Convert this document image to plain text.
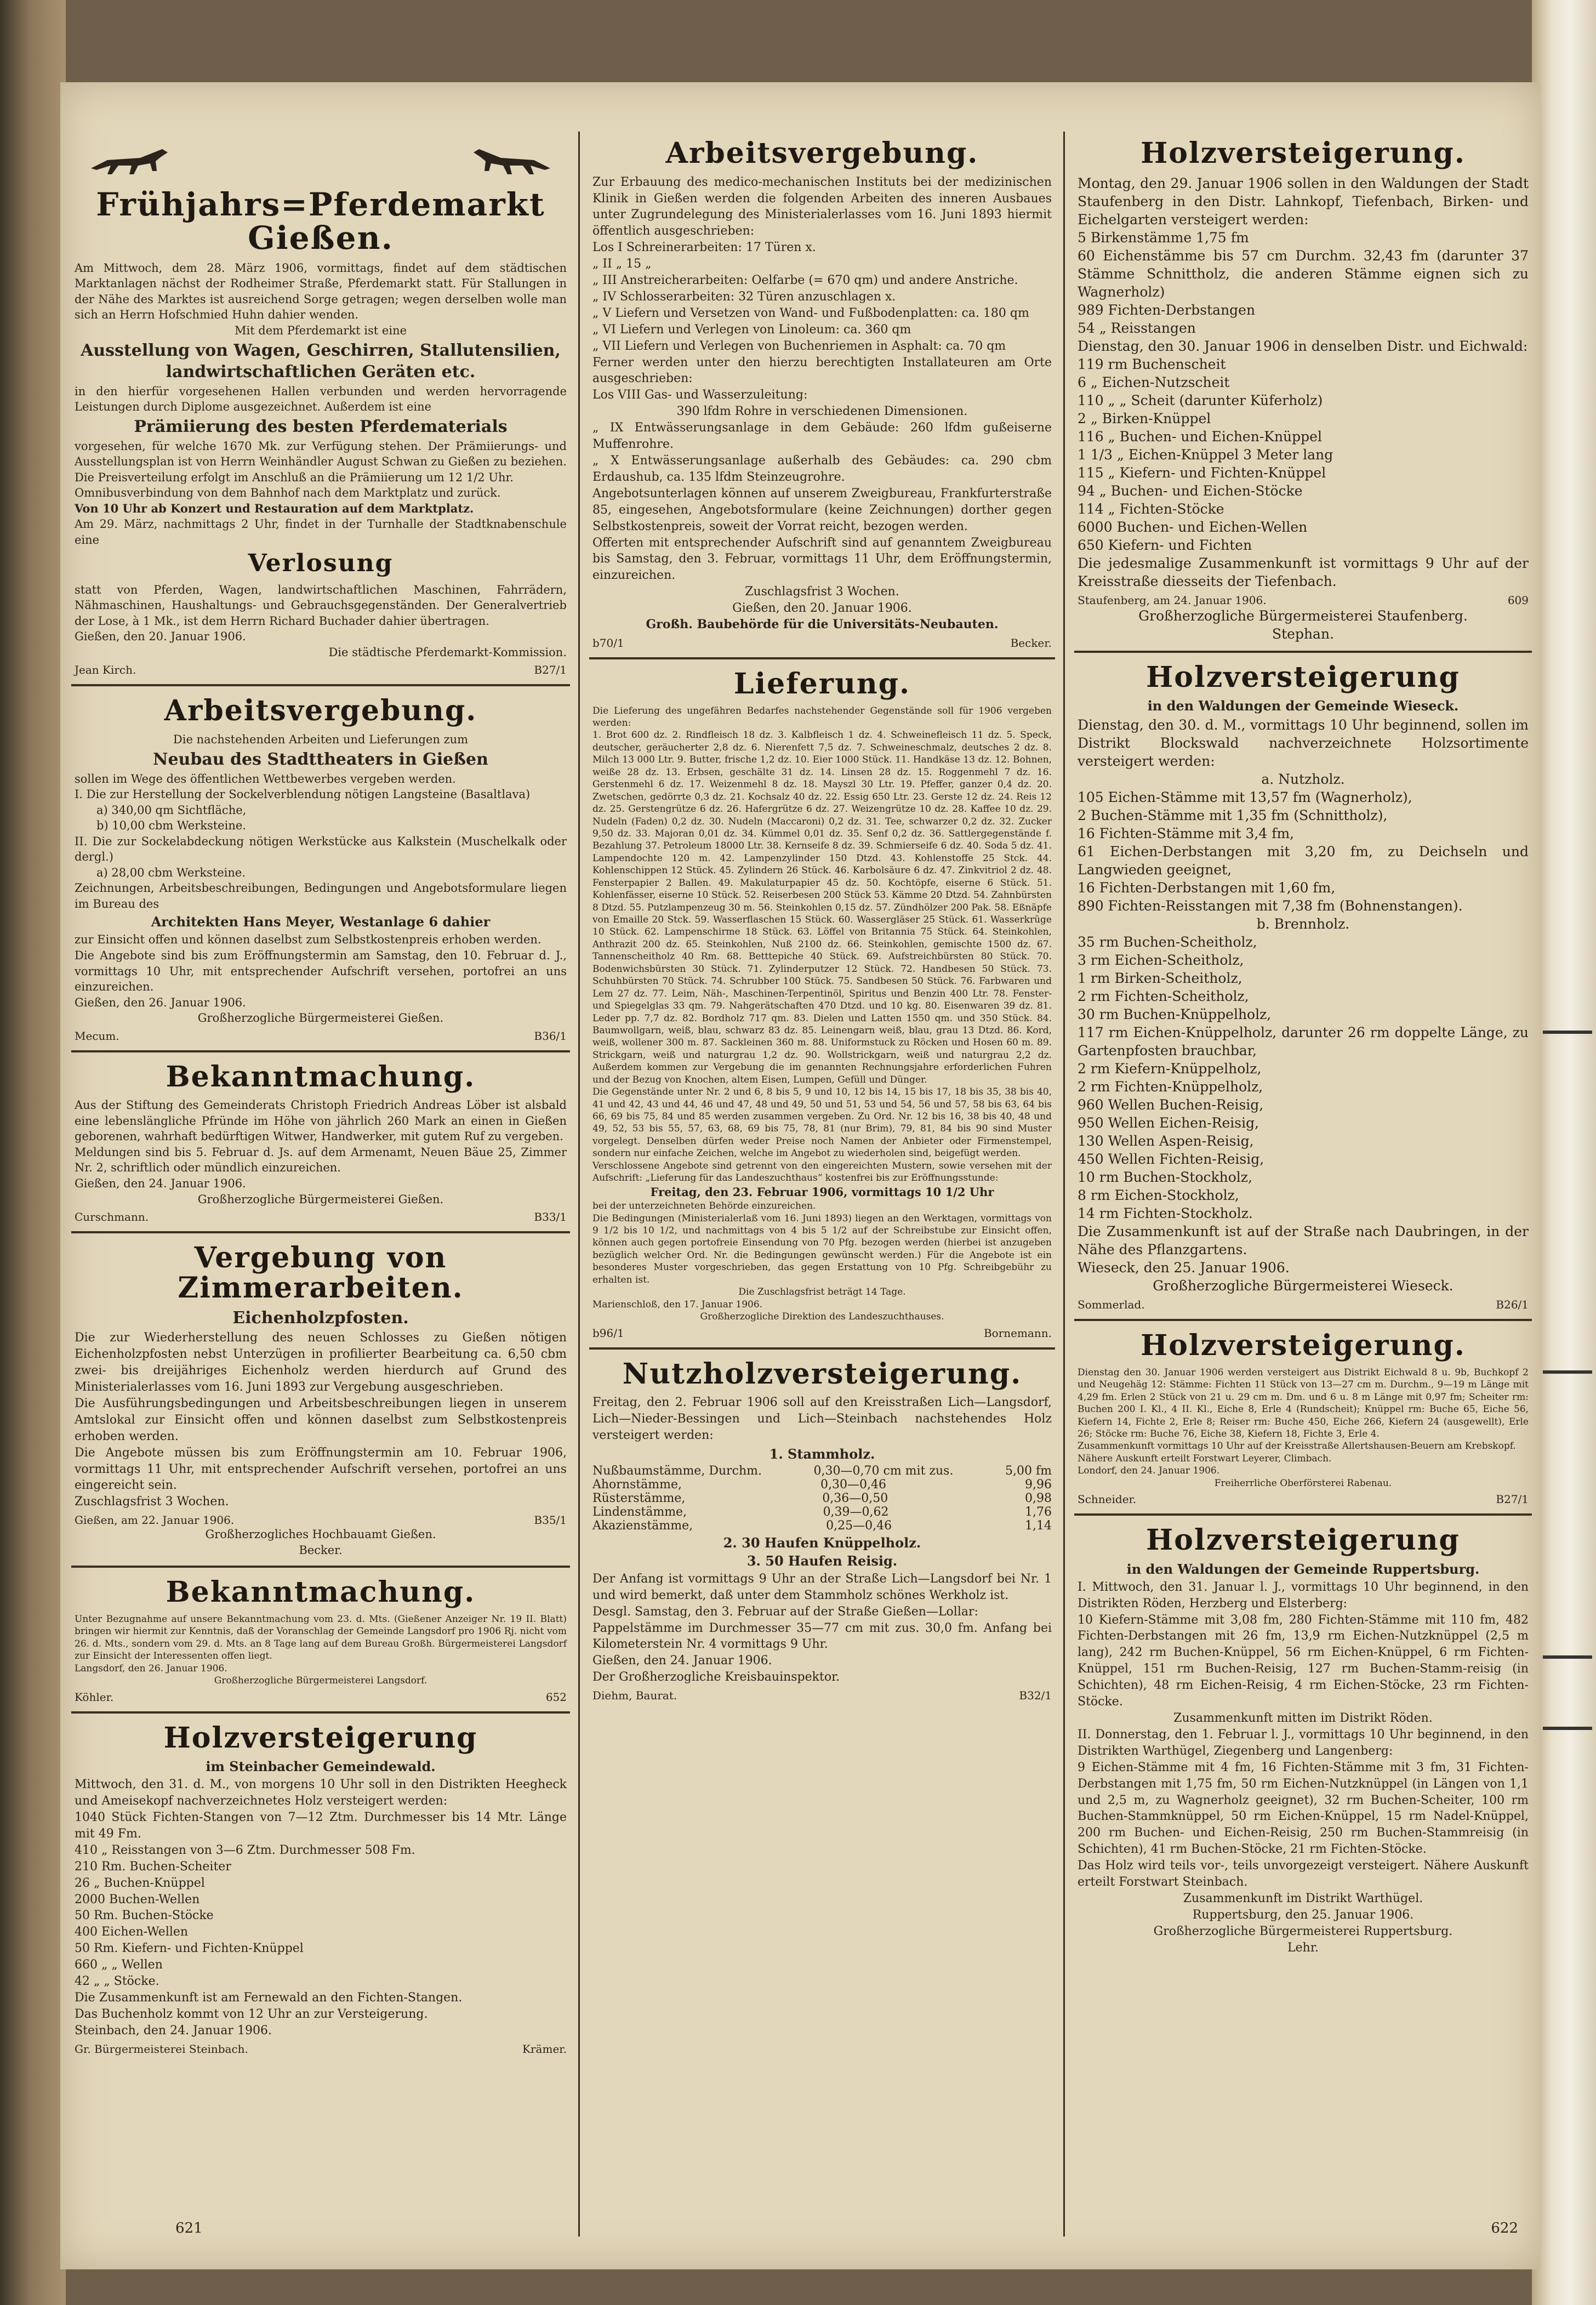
Frühjahrs=Pferdemarkt Gießen.

Am Mittwoch, dem 28. März 1906, vormittags, findet auf dem städtischen Marktanlagen nächst der Rodheimer Straße, Pferdemarkt statt. Für Stallungen in der Nähe des Marktes ist ausreichend Sorge getragen; wegen derselben wolle man sich an Herrn Hofschmied Huhn dahier wenden.

Mit dem Pferdemarkt ist eine

Ausstellung von Wagen, Geschirren, Stallutensilien,
landwirtschaftlichen Geräten etc.

in den hierfür vorgesehenen Hallen verbunden und werden hervorragende Leistungen durch Diplome ausgezeichnet. Außerdem ist eine

Prämiierung des besten Pferdematerials

vorgesehen, für welche 1670 Mk. zur Verfügung stehen. Der Prämiierungs- und Ausstellungsplan ist von Herrn Weinhändler August Schwan zu Gießen zu beziehen. Die Preisverteilung erfolgt im Anschluß an die Prämiierung um 12 1/2 Uhr.

Omnibusverbindung von dem Bahnhof nach dem Marktplatz und zurück.

Von 10 Uhr ab Konzert und Restauration auf dem Marktplatz.

Am 29. März, nachmittags 2 Uhr, findet in der Turnhalle der Stadtknabenschule eine

Verlosung

statt von Pferden, Wagen, landwirtschaftlichen Maschinen, Fahrrädern, Nähmaschinen, Haushaltungs- und Gebrauchsgegenständen. Der Generalvertrieb der Lose, à 1 Mk., ist dem Herrn Richard Buchader dahier übertragen.

Gießen, den 20. Januar 1906.

Die städtische Pferdemarkt-Kommission.

Jean Kirch.	B27/1
Arbeitsvergebung.

Die nachstehenden Arbeiten und Lieferungen zum

Neubau des Stadttheaters in Gießen

sollen im Wege des öffentlichen Wettbewerbes vergeben werden.

I. Die zur Herstellung der Sockelverblendung nötigen Langsteine (Basaltlava)

a) 340,00 qm Sichtfläche,

b) 10,00 cbm Werksteine.

II. Die zur Sockelabdeckung nötigen Werkstücke aus Kalkstein (Muschelkalk oder dergl.)

a) 28,00 cbm Werksteine.

Zeichnungen, Arbeitsbeschreibungen, Bedingungen und Angebotsformulare liegen im Bureau des

Architekten Hans Meyer, Westanlage 6 dahier

zur Einsicht offen und können daselbst zum Selbstkostenpreis erhoben werden.

Die Angebote sind bis zum Eröffnungstermin am Samstag, den 10. Februar d. J., vormittags 10 Uhr, mit entsprechender Aufschrift versehen, portofrei an uns einzureichen.

Gießen, den 26. Januar 1906.

Großherzogliche Bürgermeisterei Gießen.

Mecum.	B36/1
Bekanntmachung.

Aus der Stiftung des Gemeinderats Christoph Friedrich Andreas Löber ist alsbald eine lebenslängliche Pfründe im Höhe von jährlich 260 Mark an einen in Gießen geborenen, wahrhaft bedürftigen Witwer, Handwerker, mit gutem Ruf zu vergeben.

Meldungen sind bis 5. Februar d. Js. auf dem Armenamt, Neuen Bäue 25, Zimmer Nr. 2, schriftlich oder mündlich einzureichen.

Gießen, den 24. Januar 1906.

Großherzogliche Bürgermeisterei Gießen.

Curschmann.	B33/1
Vergebung von Zimmerarbeiten.
Eichenholzpfosten.

Die zur Wiederherstellung des neuen Schlosses zu Gießen nötigen Eichenholzpfosten nebst Unterzügen in profilierter Bearbeitung ca. 6,50 cbm zwei- bis dreijähriges Eichenholz werden hierdurch auf Grund des Ministerialerlasses vom 16. Juni 1893 zur Vergebung ausgeschrieben.

Die Ausführungsbedingungen und Arbeitsbeschreibungen liegen in unserem Amtslokal zur Einsicht offen und können daselbst zum Selbstkostenpreis erhoben werden.

Die Angebote müssen bis zum Eröffnungstermin am 10. Februar 1906, vormittags 11 Uhr, mit entsprechender Aufschrift versehen, portofrei an uns eingereicht sein.

Zuschlagsfrist 3 Wochen.

Gießen, am 22. Januar 1906.	B35/1

Großherzogliches Hochbauamt Gießen.

Becker.

Bekanntmachung.

Unter Bezugnahme auf unsere Bekanntmachung vom 23. d. Mts. (Gießener Anzeiger Nr. 19 II. Blatt) bringen wir hiermit zur Kenntnis, daß der Voranschlag der Gemeinde Langsdorf pro 1906 Rj. nicht vom 26. d. Mts., sondern vom 29. d. Mts. an 8 Tage lang auf dem Bureau Großh. Bürgermeisterei Langsdorf zur Einsicht der Interessenten offen liegt.

Langsdorf, den 26. Januar 1906.

Großherzogliche Bürgermeisterei Langsdorf.

Köhler.	652
Holzversteigerung
im Steinbacher Gemeindewald.

Mittwoch, den 31. d. M., von morgens 10 Uhr soll in den Distrikten Heegheck und Ameisekopf nachverzeichnetes Holz versteigert werden:

1040 Stück Fichten-Stangen von 7—12 Ztm. Durchmesser bis 14 Mtr. Länge mit 49 Fm.

410 „ Reisstangen von 3—6 Ztm. Durchmesser 508 Fm.

210 Rm. Buchen-Scheiter

26 „ Buchen-Knüppel

2000 Buchen-Wellen

50 Rm. Buchen-Stöcke

400 Eichen-Wellen

50 Rm. Kiefern- und Fichten-Knüppel

660 „ „ Wellen

42 „ „ Stöcke.

Die Zusammenkunft ist am Fernewald an den Fichten-Stangen.

Das Buchenholz kommt von 12 Uhr an zur Versteigerung.

Steinbach, den 24. Januar 1906.

Gr. Bürgermeisterei Steinbach.	Krämer.
Arbeitsvergebung.

Zur Erbauung des medico-mechanischen Instituts bei der medizinischen Klinik in Gießen werden die folgenden Arbeiten des inneren Ausbaues unter Zugrundelegung des Ministerialerlasses vom 16. Juni 1893 hiermit öffentlich ausgeschrieben:

Los I Schreinerarbeiten: 17 Türen x.

„ II „ 15 „

„ III Anstreicherarbeiten: Oelfarbe (= 670 qm) und andere Anstriche.

„ IV Schlosserarbeiten: 32 Türen anzuschlagen x.

„ V Liefern und Versetzen von Wand- und Fußbodenplatten: ca. 180 qm

„ VI Liefern und Verlegen von Linoleum: ca. 360 qm

„ VII Liefern und Verlegen von Buchenriemen in Asphalt: ca. 70 qm

Ferner werden unter den hierzu berechtigten Installateuren am Orte ausgeschrieben:

Los VIII Gas- und Wasserzuleitung:

390 lfdm Rohre in verschiedenen Dimensionen.

„ IX Entwässerungsanlage in dem Gebäude: 260 lfdm gußeiserne Muffenrohre.

„ X Entwässerungsanlage außerhalb des Gebäudes: ca. 290 cbm Erdaushub, ca. 135 lfdm Steinzeugrohre.

Angebotsunterlagen können auf unserem Zweigbureau, Frankfurterstraße 85, eingesehen, Angebotsformulare (keine Zeichnungen) dorther gegen Selbstkostenpreis, soweit der Vorrat reicht, bezogen werden.

Offerten mit entsprechender Aufschrift sind auf genanntem Zweigbureau bis Samstag, den 3. Februar, vormittags 11 Uhr, dem Eröffnungstermin, einzureichen.

Zuschlagsfrist 3 Wochen.

Gießen, den 20. Januar 1906.

Großh. Baubehörde für die Universitäts-Neubauten.

b70/1	Becker.
Lieferung.

Die Lieferung des ungefähren Bedarfes nachstehender Gegenstände soll für 1906 vergeben werden:

1. Brot 600 dz. 2. Rindfleisch 18 dz. 3. Kalbfleisch 1 dz. 4. Schweinefleisch 11 dz. 5. Speck, deutscher, geräucherter 2,8 dz. 6. Nierenfett 7,5 dz. 7. Schweineschmalz, deutsches 2 dz. 8. Milch 13 000 Ltr. 9. Butter, frische 1,2 dz. 10. Eier 1000 Stück. 11. Handkäse 13 dz. 12. Bohnen, weiße 28 dz. 13. Erbsen, geschälte 31 dz. 14. Linsen 28 dz. 15. Roggenmehl 7 dz. 16. Gerstenmehl 6 dz. 17. Weizenmehl 8 dz. 18. Mayszl 30 Ltr. 19. Pfeffer, ganzer 0,4 dz. 20. Zwetschen, gedörrte 0,3 dz. 21. Kochsalz 40 dz. 22. Essig 650 Ltr. 23. Gerste 12 dz. 24. Reis 12 dz. 25. Gerstengrütze 6 dz. 26. Hafergrütze 6 dz. 27. Weizengrütze 10 dz. 28. Kaffee 10 dz. 29. Nudeln (Faden) 0,2 dz. 30. Nudeln (Maccaroni) 0,2 dz. 31. Tee, schwarzer 0,2 dz. 32. Zucker 9,50 dz. 33. Majoran 0,01 dz. 34. Kümmel 0,01 dz. 35. Senf 0,2 dz. 36. Sattlergegenstände f. Bezahlung 37. Petroleum 18000 Ltr. 38. Kernseife 8 dz. 39. Schmierseife 6 dz. 40. Soda 5 dz. 41. Lampendochte 120 m. 42. Lampenzylinder 150 Dtzd. 43. Kohlenstoffe 25 Stck. 44. Kohlenschippen 12 Stück. 45. Zylindern 26 Stück. 46. Karbolsäure 6 dz. 47. Zinkvitriol 2 dz. 48. Fensterpapier 2 Ballen. 49. Makulaturpapier 45 dz. 50. Kochtöpfe, eiserne 6 Stück. 51. Kohlenfässer, eiserne 10 Stück. 52. Reiserbesen 200 Stück 53. Kämme 20 Dtzd. 54. Zahnbürsten 8 Dtzd. 55. Putzlampenzeug 30 m. 56. Steinkohlen 0,15 dz. 57. Zündhölzer 200 Pak. 58. Eßnäpfe von Emaille 20 Stck. 59. Wasserflaschen 15 Stück. 60. Wassergläser 25 Stück. 61. Wasserkrüge 10 Stück. 62. Lampenschirme 18 Stück. 63. Löffel von Britannia 75 Stück. 64. Steinkohlen, Anthrazit 200 dz. 65. Steinkohlen, Nuß 2100 dz. 66. Steinkohlen, gemischte 1500 dz. 67. Tannenscheitholz 40 Rm. 68. Betttepiche 40 Stück. 69. Aufstreichbürsten 80 Stück. 70. Bodenwichsbürsten 30 Stück. 71. Zylinderputzer 12 Stück. 72. Handbesen 50 Stück. 73. Schuhbürsten 70 Stück. 74. Schrubber 100 Stück. 75. Sandbesen 50 Stück. 76. Farbwaren und Lem 27 dz. 77. Leim, Näh-, Maschinen-Terpentinöl, Spiritus und Benzin 400 Ltr. 78. Fenster- und Spiegelglas 33 qm. 79. Nahgerätschaften 470 Dtzd. und 10 kg. 80. Eisenwaren 39 dz. 81. Leder pp. 7,7 dz. 82. Bordholz 717 qm. 83. Dielen und Latten 1550 qm. und 350 Stück. 84. Baumwollgarn, weiß, blau, schwarz 83 dz. 85. Leinengarn weiß, blau, grau 13 Dtzd. 86. Kord, weiß, wollener 300 m. 87. Sackleinen 360 m. 88. Uniformstuck zu Röcken und Hosen 60 m. 89. Strickgarn, weiß und naturgrau 1,2 dz. 90. Wollstrickgarn, weiß und naturgrau 2,2 dz. Außerdem kommen zur Vergebung die im genannten Rechnungsjahre erforderlichen Fuhren und der Bezug von Knochen, altem Eisen, Lumpen, Gefüll und Dünger.

Die Gegenstände unter Nr. 2 und 6, 8 bis 5, 9 und 10, 12 bis 14, 15 bis 17, 18 bis 35, 38 bis 40, 41 und 42, 43 und 44, 46 und 47, 48 und 49, 50 und 51, 53 und 54, 56 und 57, 58 bis 63, 64 bis 66, 69 bis 75, 84 und 85 werden zusammen vergeben. Zu Ord. Nr. 12 bis 16, 38 bis 40, 48 und 49, 52, 53 bis 55, 57, 63, 68, 69 bis 75, 78, 81 (nur Brim), 79, 81, 84 bis 90 sind Muster vorgelegt. Denselben dürfen weder Preise noch Namen der Anbieter oder Firmenstempel, sondern nur einfache Zeichen, welche im Angebot zu wiederholen sind, beigefügt werden.

Verschlossene Angebote sind getrennt von den eingereichten Mustern, sowie versehen mit der Aufschrift: „Lieferung für das Landeszuchthaus“ kostenfrei bis zur Eröffnungsstunde:

Freitag, den 23. Februar 1906, vormittags 10 1/2 Uhr

bei der unterzeichneten Behörde einzureichen.

Die Bedingungen (Ministerialerlaß vom 16. Juni 1893) liegen an den Werktagen, vormittags von 9 1/2 bis 10 1/2, und nachmittags von 4 bis 5 1/2 auf der Schreibstube zur Einsicht offen, können auch gegen portofreie Einsendung von 70 Pfg. bezogen werden (hierbei ist anzugeben bezüglich welcher Ord. Nr. die Bedingungen gewünscht werden.) Für die Angebote ist ein besonderes Muster vorgeschrieben, das gegen Erstattung von 10 Pfg. Schreibgebühr zu erhalten ist.

Die Zuschlagsfrist beträgt 14 Tage.

Marienschloß, den 17. Januar 1906.

Großherzogliche Direktion des Landeszuchthauses.

b96/1	Bornemann.
Nutzholzversteigerung.

Freitag, den 2. Februar 1906 soll auf den Kreisstraßen Lich—Langsdorf, Lich—Nieder-Bessingen und Lich—Steinbach nachstehendes Holz versteigert werden:

1. Stammholz.
Nußbaumstämme, Durchm.	0,30—0,70 cm mit zus.	5,00 fm
Ahornstämme,	0,30—0,46	9,96
Rüsterstämme,	0,36—0,50	0,98
Lindenstämme,	0,39—0,62	1,76
Akazienstämme,	0,25—0,46	1,14
2. 30 Haufen Knüppelholz.
3. 50 Haufen Reisig.

Der Anfang ist vormittags 9 Uhr an der Straße Lich—Langsdorf bei Nr. 1 und wird bemerkt, daß unter dem Stammholz schönes Werkholz ist.

Desgl. Samstag, den 3. Februar auf der Straße Gießen—Lollar:

Pappelstämme im Durchmesser 35—77 cm mit zus. 30,0 fm. Anfang bei Kilometerstein Nr. 4 vormittags 9 Uhr.

Gießen, den 24. Januar 1906.

Der Großherzogliche Kreisbauinspektor.

Diehm, Baurat.	B32/1
Holzversteigerung.

Montag, den 29. Januar 1906 sollen in den Waldungen der Stadt Staufenberg in den Distr. Lahnkopf, Tiefenbach, Birken- und Eichelgarten versteigert werden:

5 Birkenstämme 1,75 fm

60 Eichenstämme bis 57 cm Durchm. 32,43 fm (darunter 37 Stämme Schnittholz, die anderen Stämme eignen sich zu Wagnerholz)

989 Fichten-Derbstangen

54 „ Reisstangen

Dienstag, den 30. Januar 1906 in denselben Distr. und Eichwald:

119 rm Buchenscheit

6 „ Eichen-Nutzscheit

110 „ „ Scheit (darunter Küferholz)

2 „ Birken-Knüppel

116 „ Buchen- und Eichen-Knüppel

1 1/3 „ Eichen-Knüppel 3 Meter lang

115 „ Kiefern- und Fichten-Knüppel

94 „ Buchen- und Eichen-Stöcke

114 „ Fichten-Stöcke

6000 Buchen- und Eichen-Wellen

650 Kiefern- und Fichten

Die jedesmalige Zusammenkunft ist vormittags 9 Uhr auf der Kreisstraße diesseits der Tiefenbach.

Staufenberg, am 24. Januar 1906.	609

Großherzogliche Bürgermeisterei Staufenberg.

Stephan.

Holzversteigerung
in den Waldungen der Gemeinde Wieseck.

Dienstag, den 30. d. M., vormittags 10 Uhr beginnend, sollen im Distrikt Blockswald nachverzeichnete Holzsortimente versteigert werden:

a. Nutzholz.

105 Eichen-Stämme mit 13,57 fm (Wagnerholz),

2 Buchen-Stämme mit 1,35 fm (Schnittholz),

16 Fichten-Stämme mit 3,4 fm,

61 Eichen-Derbstangen mit 3,20 fm, zu Deichseln und Langwieden geeignet,

16 Fichten-Derbstangen mit 1,60 fm,

890 Fichten-Reisstangen mit 7,38 fm (Bohnenstangen).

b. Brennholz.

35 rm Buchen-Scheitholz,

3 rm Eichen-Scheitholz,

1 rm Birken-Scheitholz,

2 rm Fichten-Scheitholz,

30 rm Buchen-Knüppelholz,

117 rm Eichen-Knüppelholz, darunter 26 rm doppelte Länge, zu Gartenpfosten brauchbar,

2 rm Kiefern-Knüppelholz,

2 rm Fichten-Knüppelholz,

960 Wellen Buchen-Reisig,

950 Wellen Eichen-Reisig,

130 Wellen Aspen-Reisig,

450 Wellen Fichten-Reisig,

10 rm Buchen-Stockholz,

8 rm Eichen-Stockholz,

14 rm Fichten-Stockholz.

Die Zusammenkunft ist auf der Straße nach Daubringen, in der Nähe des Pflanzgartens.

Wieseck, den 25. Januar 1906.

Großherzogliche Bürgermeisterei Wieseck.

Sommerlad.	B26/1
Holzversteigerung.

Dienstag den 30. Januar 1906 werden versteigert aus Distrikt Eichwald 8 u. 9b, Buchkopf 2 und Neugehäg 12: Stämme: Fichten 11 Stück von 13—27 cm m. Durchm., 9—19 m Länge mit 4,29 fm. Erlen 2 Stück von 21 u. 29 cm m. Dm. und 6 u. 8 m Länge mit 0,97 fm; Scheiter rm: Buchen 200 I. Kl., 4 II. Kl., Eiche 8, Erle 4 (Rundscheit); Knüppel rm: Buche 65, Eiche 56, Kiefern 14, Fichte 2, Erle 8; Reiser rm: Buche 450, Eiche 266, Kiefern 24 (ausgewellt), Erle 26; Stöcke rm: Buche 76, Eiche 38, Kiefern 18, Fichte 3, Erle 4.

Zusammenkunft vormittags 10 Uhr auf der Kreisstraße Allertshausen-Beuern am Krebskopf.

Nähere Auskunft erteilt Forstwart Leyerer, Climbach.

Londorf, den 24. Januar 1906.

Freiherrliche Oberförsterei Rabenau.

Schneider.	B27/1
Holzversteigerung
in den Waldungen der Gemeinde Ruppertsburg.

I. Mittwoch, den 31. Januar l. J., vormittags 10 Uhr beginnend, in den Distrikten Röden, Herzberg und Elsterberg:

10 Kiefern-Stämme mit 3,08 fm, 280 Fichten-Stämme mit 110 fm, 482 Fichten-Derbstangen mit 26 fm, 13,9 rm Eichen-Nutzknüppel (2,5 m lang), 242 rm Buchen-Knüppel, 56 rm Eichen-Knüppel, 6 rm Fichten-Knüppel, 151 rm Buchen-Reisig, 127 rm Buchen-Stamm-reisig (in Schichten), 48 rm Eichen-Reisig, 4 rm Eichen-Stöcke, 23 rm Fichten-Stöcke.

Zusammenkunft mitten im Distrikt Röden.

II. Donnerstag, den 1. Februar l. J., vormittags 10 Uhr beginnend, in den Distrikten Warthügel, Ziegenberg und Langenberg:

9 Eichen-Stämme mit 4 fm, 16 Fichten-Stämme mit 3 fm, 31 Fichten-Derbstangen mit 1,75 fm, 50 rm Eichen-Nutzknüppel (in Längen von 1,1 und 2,5 m, zu Wagnerholz geeignet), 32 rm Buchen-Scheiter, 100 rm Buchen-Stammknüppel, 50 rm Eichen-Knüppel, 15 rm Nadel-Knüppel, 200 rm Buchen- und Eichen-Reisig, 250 rm Buchen-Stammreisig (in Schichten), 41 rm Buchen-Stöcke, 21 rm Fichten-Stöcke.

Das Holz wird teils vor-, teils unvorgezeigt versteigert. Nähere Auskunft erteilt Forstwart Steinbach.

Zusammenkunft im Distrikt Warthügel.

Ruppertsburg, den 25. Januar 1906.

Großherzogliche Bürgermeisterei Ruppertsburg.

Lehr.

621	622
